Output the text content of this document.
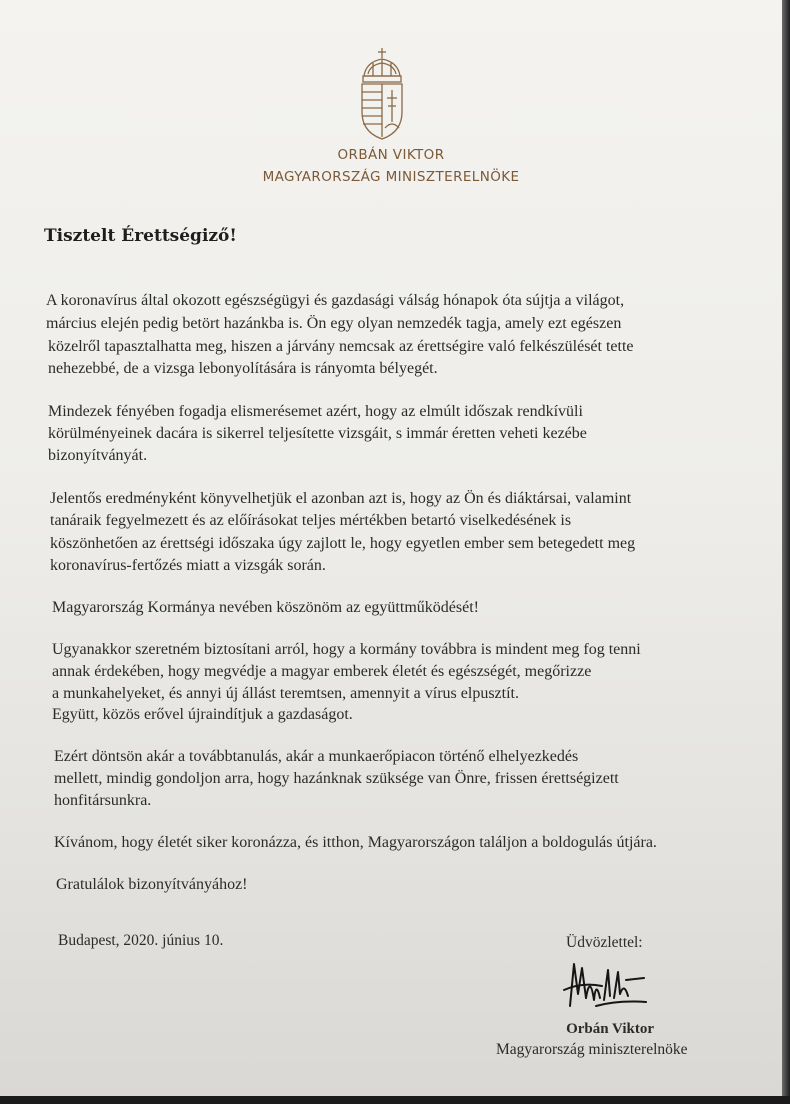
ORBÁN VIKTOR
MAGYARORSZÁG MINISZTERELNÖKE
Tisztelt Érettségiző!
A koronavírus által okozott egészségügyi és gazdasági válság hónapok óta sújtja a világot,
március elején pedig betört hazánkba is. Ön egy olyan nemzedék tagja, amely ezt egészen
közelről tapasztalhatta meg, hiszen a járvány nemcsak az érettségire való felkészülését tette
nehezebbé, de a vizsga lebonyolítására is rányomta bélyegét.
Mindezek fényében fogadja elismerésemet azért, hogy az elmúlt időszak rendkívüli
körülményeinek dacára is sikerrel teljesítette vizsgáit, s immár éretten veheti kezébe
bizonyítványát.
Jelentős eredményként könyvelhetjük el azonban azt is, hogy az Ön és diáktársai, valamint
tanáraik fegyelmezett és az előírásokat teljes mértékben betartó viselkedésének is
köszönhetően az érettségi időszaka úgy zajlott le, hogy egyetlen ember sem betegedett meg
koronavírus-fertőzés miatt a vizsgák során.
Magyarország Kormánya nevében köszönöm az együttműködését!
Ugyanakkor szeretném biztosítani arról, hogy a kormány továbbra is mindent meg fog tenni
annak érdekében, hogy megvédje a magyar emberek életét és egészségét, megőrizze
a munkahelyeket, és annyi új állást teremtsen, amennyit a vírus elpusztít.
Együtt, közös erővel újraindítjuk a gazdaságot.
Ezért döntsön akár a továbbtanulás, akár a munkaerőpiacon történő elhelyezkedés
mellett, mindig gondoljon arra, hogy hazánknak szüksége van Önre, frissen érettségizett
honfitársunkra.
Kívánom, hogy életét siker koronázza, és itthon, Magyarországon találjon a boldogulás útjára.
Gratulálok bizonyítványához!
Budapest, 2020. június 10.	Üdvözlettel:
Orbán Viktor
Magyarország miniszterelnöke
